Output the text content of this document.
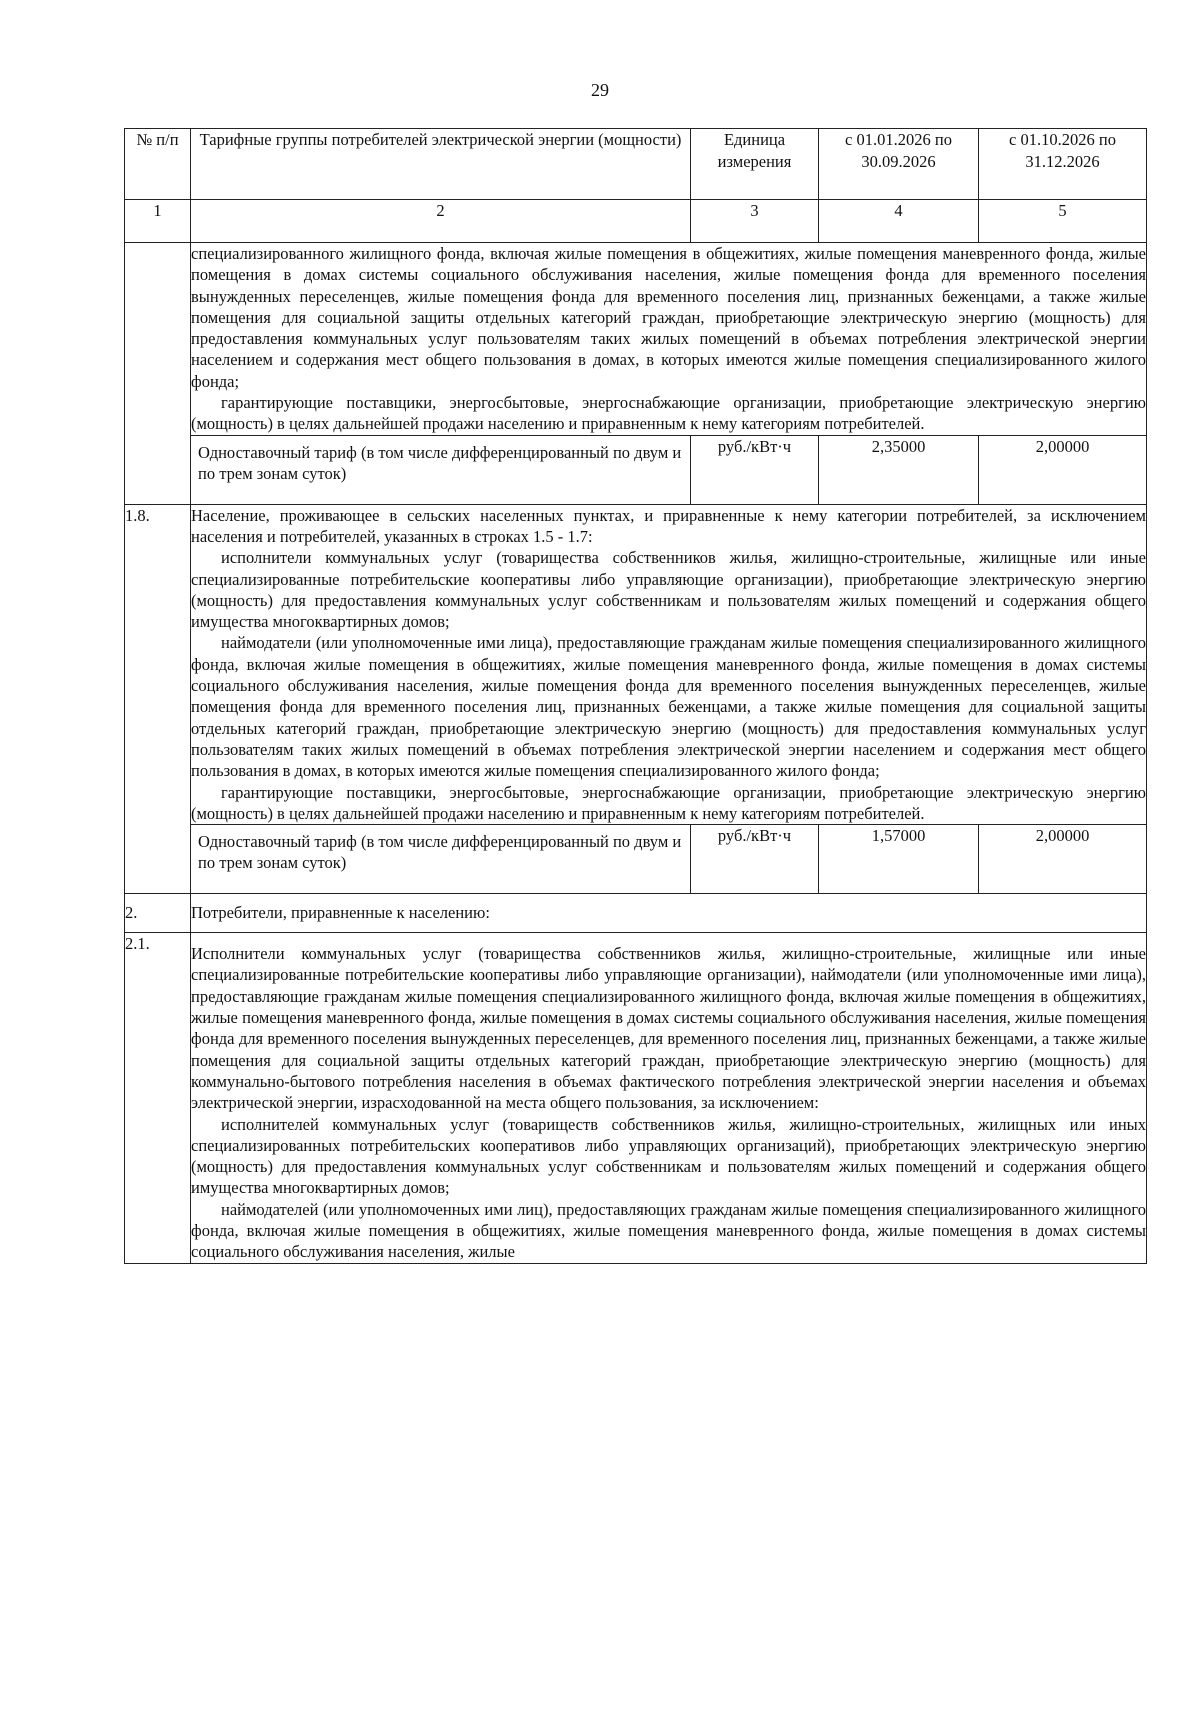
29
№ п/п	Тарифные группы потребителей электрической энергии (мощности)	Единица измерения	с 01.01.2026 по 30.09.2026	с 01.10.2026 по 31.12.2026
1	2	3	4	5

	специализированного жилищного фонда, включая жилые помещения в общежитиях, жилые помещения маневренного фонда, жилые помещения в домах системы социального обслуживания населения, жилые помещения фонда для временного поселения вынужденных переселенцев, жилые помещения фонда для временного поселения лиц, признанных беженцами, а также жилые помещения для социальной защиты отдельных категорий граждан, приобретающие электрическую энергию (мощность) для предоставления коммунальных услуг пользователям таких жилых помещений в объемах потребления электрической энергии населением и содержания мест общего пользования в домах, в которых имеются жилые помещения специализированного жилого фонда;
гарантирующие поставщики, энергосбытовые, энергоснабжающие организации, приобретающие электрическую энергию (мощность) в целях дальнейшей продажи населению и приравненным к нему категориям потребителей.			

	Одноставочный тариф (в том числе дифференцированный по двум и по трем зонам суток)	руб./кВт·ч	2,35000	2,00000
1.8.	Население, проживающее в сельских населенных пунктах, и приравненные к нему категории потребителей, за исключением населения и потребителей, указанных в строках 1.5 - 1.7:
исполнители коммунальных услуг (товарищества собственников жилья, жилищно-строительные, жилищные или иные специализированные потребительские кооперативы либо управляющие организации), приобретающие электрическую энергию (мощность) для предоставления коммунальных услуг собственникам и пользователям жилых помещений и содержания общего имущества многоквартирных домов;
наймодатели (или уполномоченные ими лица), предоставляющие гражданам жилые помещения специализированного жилищного фонда, включая жилые помещения в общежитиях, жилые помещения маневренного фонда, жилые помещения в домах системы социального обслуживания населения, жилые помещения фонда для временного поселения вынужденных переселенцев, жилые помещения фонда для временного поселения лиц, признанных беженцами, а также жилые помещения для социальной защиты отдельных категорий граждан, приобретающие электрическую энергию (мощность) для предоставления коммунальных услуг пользователям таких жилых помещений в объемах потребления электрической энергии населением и содержания мест общего пользования в домах, в которых имеются жилые помещения специализированного жилого фонда;
гарантирующие поставщики, энергосбытовые, энергоснабжающие организации, приобретающие электрическую энергию (мощность) в целях дальнейшей продажи населению и приравненным к нему категориям потребителей.			

	Одноставочный тариф (в том числе дифференцированный по двум и по трем зонам суток)	руб./кВт·ч	1,57000	2,00000
2.	Потребители, приравненные к населению:			
2.1.	Исполнители коммунальных услуг (товарищества собственников жилья, жилищно-строительные, жилищные или иные специализированные потребительские кооперативы либо управляющие организации), наймодатели (или уполномоченные ими лица), предоставляющие гражданам жилые помещения специализированного жилищного фонда, включая жилые помещения в общежитиях, жилые помещения маневренного фонда, жилые помещения в домах системы социального обслуживания населения, жилые помещения фонда для временного поселения вынужденных переселенцев, для временного поселения лиц, признанных беженцами, а также жилые помещения для социальной защиты отдельных категорий граждан, приобретающие электрическую энергию (мощность) для коммунально-бытового потребления населения в объемах фактического потребления электрической энергии населения и объемах электрической энергии, израсходованной на места общего пользования, за исключением:
исполнителей коммунальных услуг (товариществ собственников жилья, жилищно-строительных, жилищных или иных специализированных потребительских кооперативов либо управляющих организаций), приобретающих электрическую энергию (мощность) для предоставления коммунальных услуг собственникам и пользователям жилых помещений и содержания общего имущества многоквартирных домов;
наймодателей (или уполномоченных ими лиц), предоставляющих гражданам жилые помещения специализированного жилищного фонда, включая жилые помещения в общежитиях, жилые помещения маневренного фонда, жилые помещения в домах системы социального обслуживания населения, жилые			
